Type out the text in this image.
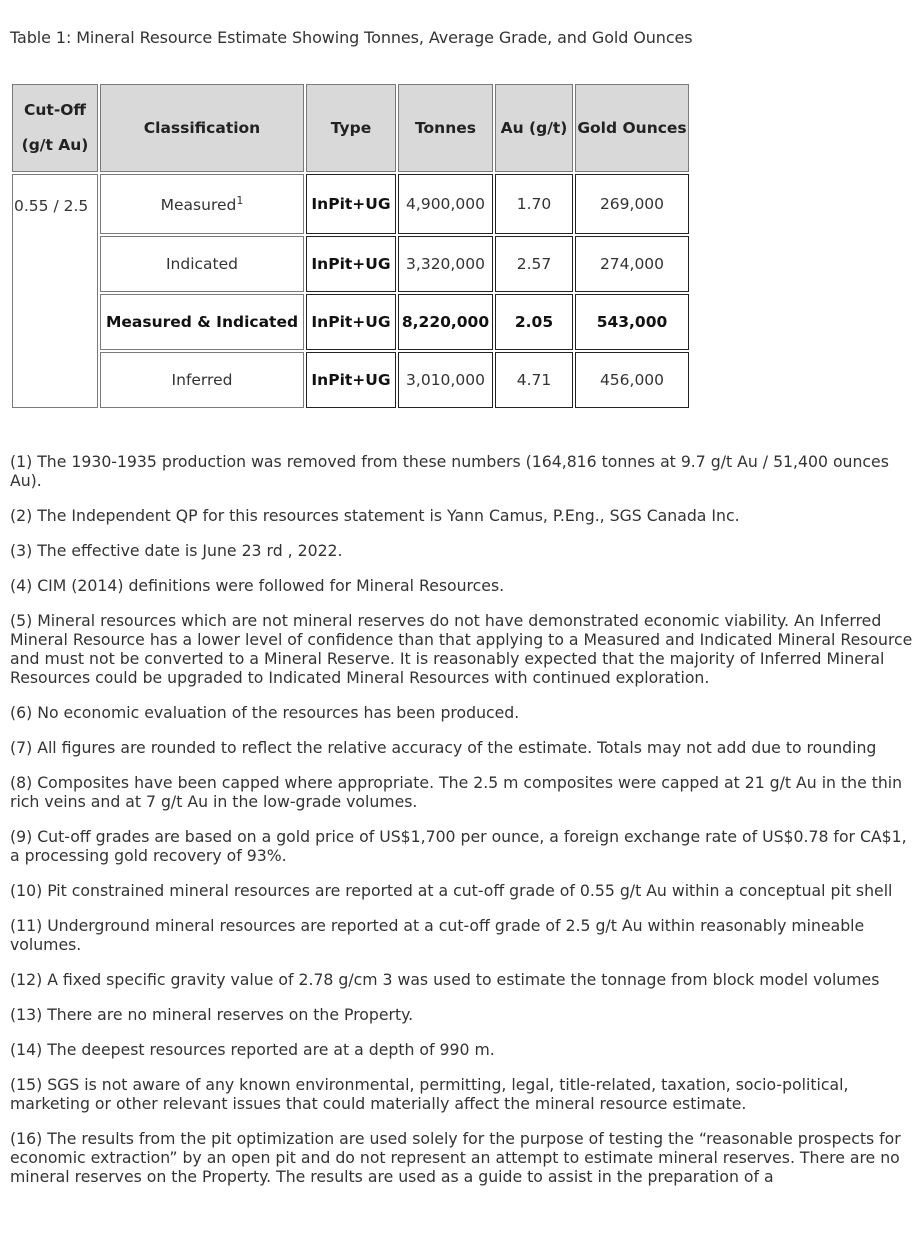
Table 1: Mineral Resource Estimate Showing Tonnes, Average Grade, and Gold Ounces
Cut-Off
(g/t Au)	Classification	Type	Tonnes	Au (g/t)	Gold Ounces
0.55 / 2.5	Measured$^1$	InPit+UG	4,900,000	1.70	269,000
	Indicated	InPit+UG	3,320,000	2.57	274,000
	Measured & Indicated	InPit+UG	8,220,000	2.05	543,000
	Inferred	InPit+UG	3,010,000	4.71	456,000

(1) The 1930-1935 production was removed from these numbers (164,816 tonnes at 9.7 g/t Au / 51,400 ounces Au).

(2) The Independent QP for this resources statement is Yann Camus, P.Eng., SGS Canada Inc.

(3) The effective date is June 23 rd , 2022.

(4) CIM (2014) definitions were followed for Mineral Resources.

(5) Mineral resources which are not mineral reserves do not have demonstrated economic viability. An Inferred Mineral Resource has a lower level of confidence than that applying to a Measured and Indicated Mineral Resource and must not be converted to a Mineral Reserve. It is reasonably expected that the majority of Inferred Mineral Resources could be upgraded to Indicated Mineral Resources with continued exploration.

(6) No economic evaluation of the resources has been produced.

(7) All figures are rounded to reflect the relative accuracy of the estimate. Totals may not add due to rounding

(8) Composites have been capped where appropriate. The 2.5 m composites were capped at 21 g/t Au in the thin rich veins and at 7 g/t Au in the low-grade volumes.

(9) Cut-off grades are based on a gold price of US$1,700 per ounce, a foreign exchange rate of US$0.78 for CA$1, a processing gold recovery of 93%.

(10) Pit constrained mineral resources are reported at a cut-off grade of 0.55 g/t Au within a conceptual pit shell

(11) Underground mineral resources are reported at a cut-off grade of 2.5 g/t Au within reasonably mineable volumes.

(12) A fixed specific gravity value of 2.78 g/cm 3 was used to estimate the tonnage from block model volumes

(13) There are no mineral reserves on the Property.

(14) The deepest resources reported are at a depth of 990 m.

(15) SGS is not aware of any known environmental, permitting, legal, title-related, taxation, socio-political, marketing or other relevant issues that could materially affect the mineral resource estimate.

(16) The results from the pit optimization are used solely for the purpose of testing the “reasonable prospects for economic extraction” by an open pit and do not represent an attempt to estimate mineral reserves. There are no mineral reserves on the Property. The results are used as a guide to assist in the preparation of a
